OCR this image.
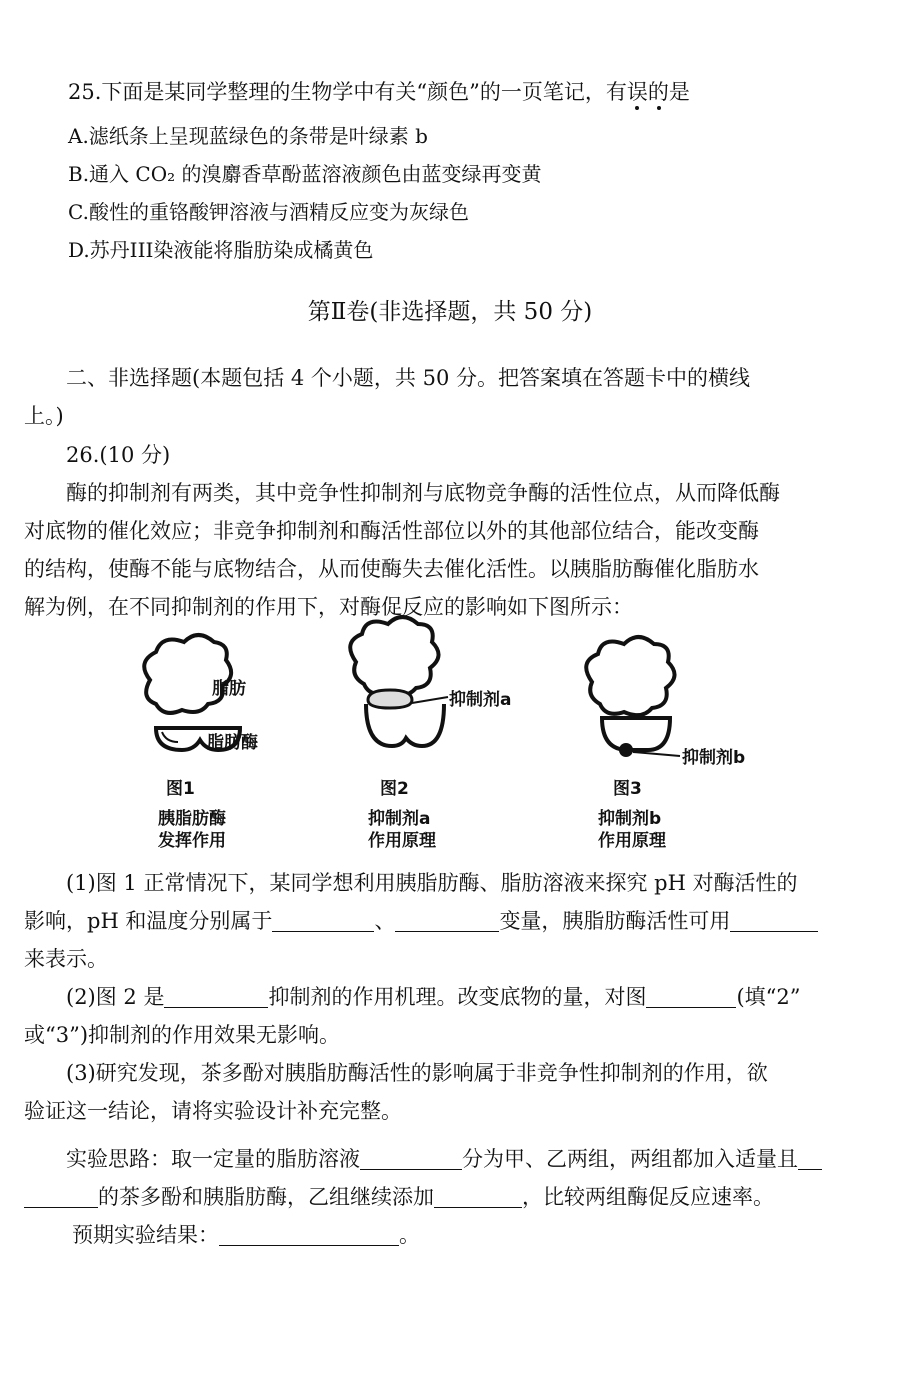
25.下面是某同学整理的生物学中有关“颜色”的一页笔记，有误的
是
A.滤纸条上呈现蓝绿色的条带是叶绿素 b
B.通入 CO₂ 的溴麝香草酚蓝溶液颜色由蓝变绿再变黄
C.酸性的重铬酸钾溶液与酒精反应变为灰绿色
D.苏丹III染液能将脂肪染成橘黄色
第Ⅱ卷(非选择题，共 50 分)
二、非选择题(本题包括 4 个小题，共 50 分。把答案填在答题卡中的横线
上。)
26.(10 分)
酶的抑制剂有两类，其中竞争性抑制剂与底物竞争酶的活性位点，从而降低酶
对底物的催化效应；非竞争抑制剂和酶活性部位以外的其他部位结合，能改变酶
的结构，使酶不能与底物结合，从而使酶失去催化活性。以胰脂肪酶催化脂肪水
解为例，在不同抑制剂的作用下，对酶促反应的影响如下图所示：
脂肪
脂肪酶
图1
胰脂肪酶
发挥作用
抑制剂a
图2
抑制剂a
作用原理
抑制剂b
图3
抑制剂b
作用原理
(1)图 1 正常情况下，某同学想利用胰脂肪酶、脂肪溶液来探究 pH 对酶活性的
影响，pH 和温度分别属于	、	变量，胰脂肪酶活性可用
来表示。
(2)图 2 是	抑制剂的作用机理。改变底物的量，对图	(填“2”
或“3”)抑制剂的作用效果无影响。
(3)研究发现，茶多酚对胰脂肪酶活性的影响属于非竞争性抑制剂的作用，欲
验证这一结论，请将实验设计补充完整。
实验思路：取一定量的脂肪溶液	分为甲、乙两组，两组都加入适量且
的茶多酚和胰脂肪酶，乙组继续添加	，比较两组酶促反应速率。
预期实验结果：	。
